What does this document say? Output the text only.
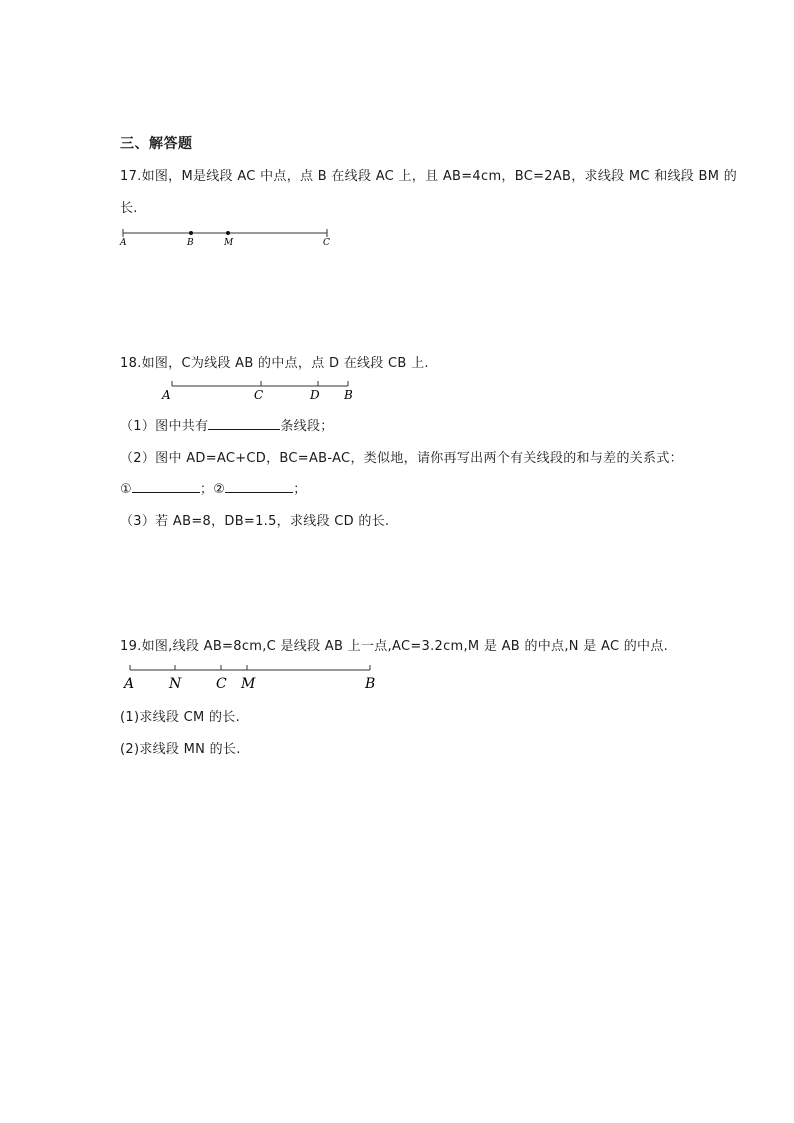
三、解答题
17.如图，M是线段 AC 中点，点 B 在线段 AC 上，且 AB=4cm，BC=2AB，求线段 MC 和线段 BM 的
长.
A	B	M	C
18.如图，C为线段 AB 的中点，点 D 在线段 CB 上.
A	C	D B
（1）图中共有	条线段；
（2）图中 AD=AC+CD，BC=AB-AC，类似地，请你再写出两个有关线段的和与差的关系式：
①	；②	；
（3）若 AB=8，DB=1.5，求线段 CD 的长.
19.如图,线段 AB=8cm,C 是线段 AB 上一点,AC=3.2cm,M 是 AB 的中点,N 是 AC 的中点.
A N C M	B
(1)求线段 CM 的长.
(2)求线段 MN 的长.
